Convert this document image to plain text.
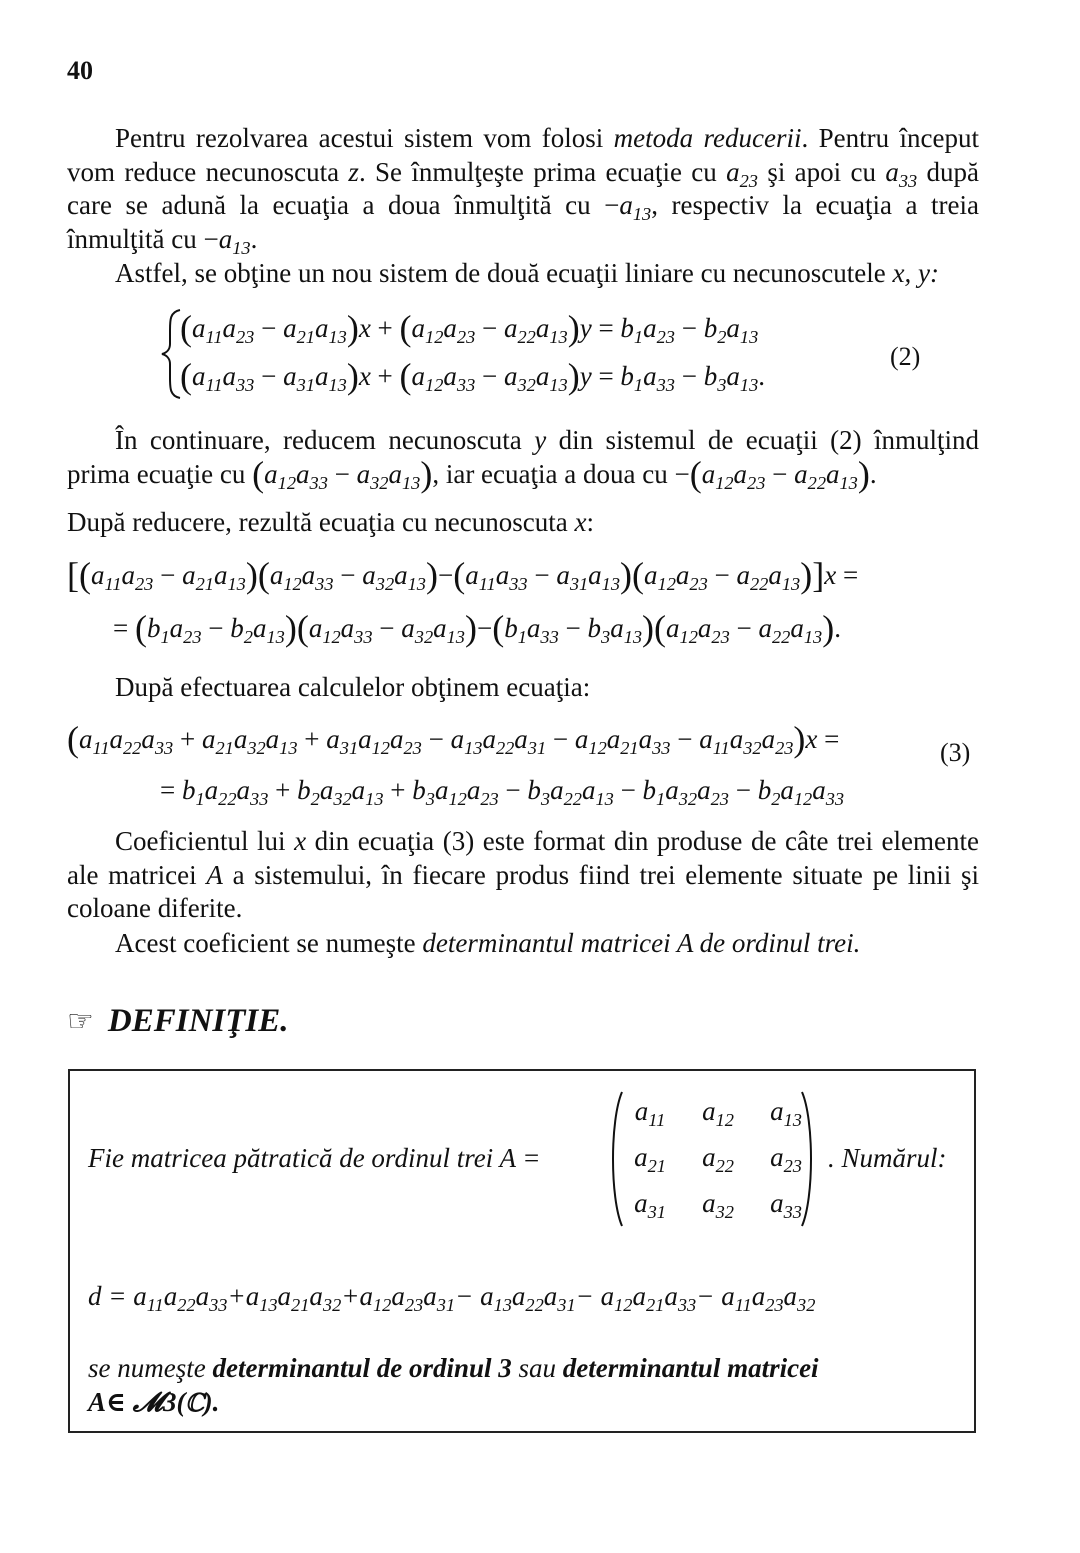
40
Pentru rezolvarea acestui sistem vom folosi metoda reducerii. Pentru început vom reduce necunoscuta z. Se înmulţeşte prima ecuaţie cu $a_{23}$ şi apoi cu $a_{33}$ după care se adună la ecuaţia a doua înmulţită cu $-a_{13}$, respectiv la ecuaţia a treia înmulţită cu $-a_{13}$.
Astfel, se obţine un nou sistem de două ecuaţii liniare cu necunoscutele x, y:
$(a_{11}a_{23} - a_{21}a_{13})x + (a_{12}a_{23} - a_{22}a_{13})y = b_1a_{23} - b_2a_{13}$
$(a_{11}a_{33} - a_{31}a_{13})x + (a_{12}a_{33} - a_{32}a_{13})y = b_1a_{33} - b_3a_{13}$.
(2)
În continuare, reducem necunoscuta y din sistemul de ecuaţii (2) înmulţind prima ecuaţie cu $(a_{12}a_{33} - a_{32}a_{13})$, iar ecuaţia a doua cu $-(a_{12}a_{23} - a_{22}a_{13})$.
După reducere, rezultă ecuaţia cu necunoscuta x:
$[(a_{11}a_{23} - a_{21}a_{13})(a_{12}a_{33} - a_{32}a_{13})-(a_{11}a_{33} - a_{31}a_{13})(a_{12}a_{23} - a_{22}a_{13})]x$ =
= $(b_1a_{23} - b_2a_{13})(a_{12}a_{33} - a_{32}a_{13})-(b_1a_{33} - b_3a_{13})(a_{12}a_{23} - a_{22}a_{13})$.
După efectuarea calculelor obţinem ecuaţia:
$(a_{11}a_{22}a_{33} + a_{21}a_{32}a_{13} + a_{31}a_{12}a_{23} - a_{13}a_{22}a_{31} - a_{12}a_{21}a_{33} - a_{11}a_{32}a_{23})x$ =	(3)
= $b_1a_{22}a_{33} + b_2a_{32}a_{13} + b_3a_{12}a_{23} - b_3a_{22}a_{13} - b_1a_{32}a_{23} - b_2a_{12}a_{33}$
Coeficientul lui x din ecuaţia (3) este format din produse de câte trei elemente ale matricei A a sistemului, în fiecare produs fiind trei elemente situate pe linii şi coloane diferite.
Acest coeficient se numeşte determinantul matricei A de ordinul trei.
☞ DEFINIŢIE.
Fie matricea pătratică de ordinul trei A =	. Numărul:
$d = a_{11}a_{22}a_{33}+a_{13}a_{21}a_{32}+a_{12}a_{23}a_{31}- a_{13}a_{22}a_{31}- a_{12}a_{21}a_{33}- a_{11}a_{23}a_{32}$
se numeşte determinantul de ordinul 3 sau determinantul matricei
A∈ 𝓜3(ℂ).
$a_{11}$	$a_{12}$	$a_{13}$
$a_{21}$	$a_{22}$	$a_{23}$
$a_{31}$	$a_{32}$	$a_{33}$
